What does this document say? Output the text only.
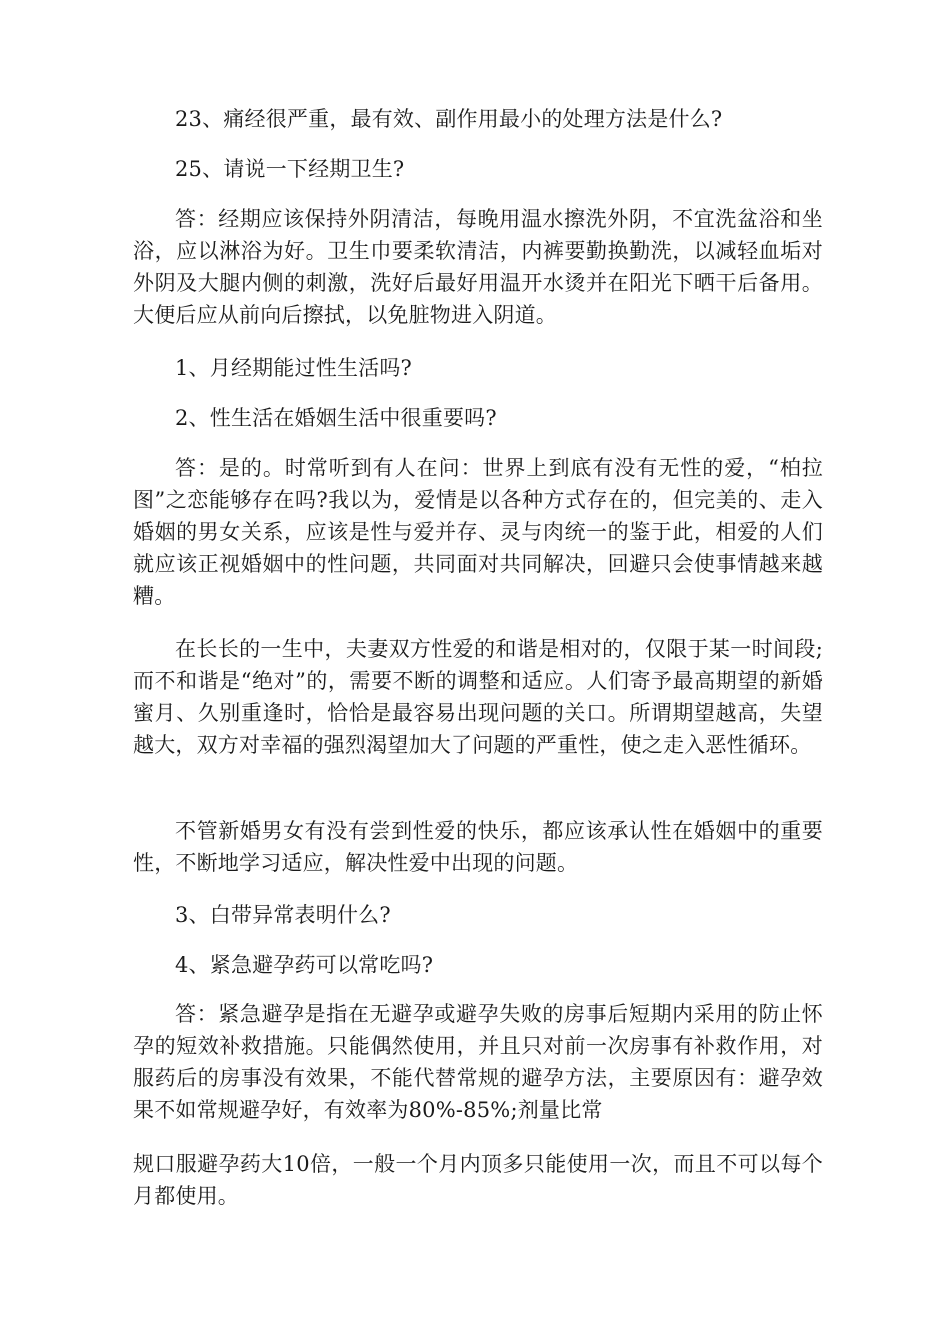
23、痛经很严重，最有效、副作用最小的处理方法是什么?

25、请说一下经期卫生?

答：经期应该保持外阴清洁，每晚用温水擦洗外阴，不宜洗盆浴和坐浴，应以淋浴为好。卫生巾要柔软清洁，内裤要勤换勤洗，以减轻血垢对外阴及大腿内侧的刺激，洗好后最好用温开水烫并在阳光下晒干后备用。大便后应从前向后擦拭，以免脏物进入阴道。

1、月经期能过性生活吗?

2、性生活在婚姻生活中很重要吗?

答：是的。时常听到有人在问：世界上到底有没有无性的爱，“柏拉图”之恋能够存在吗?我以为，爱情是以各种方式存在的，但完美的、走入婚姻的男女关系，应该是性与爱并存、灵与肉统一的鉴于此，相爱的人们就应该正视婚姻中的性问题，共同面对共同解决，回避只会使事情越来越糟。

在长长的一生中，夫妻双方性爱的和谐是相对的，仅限于某一时间段;而不和谐是“绝对”的，需要不断的调整和适应。人们寄予最高期望的新婚蜜月、久别重逢时，恰恰是最容易出现问题的关口。所谓期望越高，失望越大，双方对幸福的强烈渴望加大了问题的严重性，使之走入恶性循环。

不管新婚男女有没有尝到性爱的快乐，都应该承认性在婚姻中的重要性，不断地学习适应，解决性爱中出现的问题。

3、白带异常表明什么?

4、紧急避孕药可以常吃吗?

答：紧急避孕是指在无避孕或避孕失败的房事后短期内采用的防止怀孕的短效补救措施。只能偶然使用，并且只对前一次房事有补救作用，对服药后的房事没有效果，不能代替常规的避孕方法，主要原因有：避孕效果不如常规避孕好，有效率为80%-85%;剂量比常

规口服避孕药大10倍，一般一个月内顶多只能使用一次，而且不可以每个月都使用。
